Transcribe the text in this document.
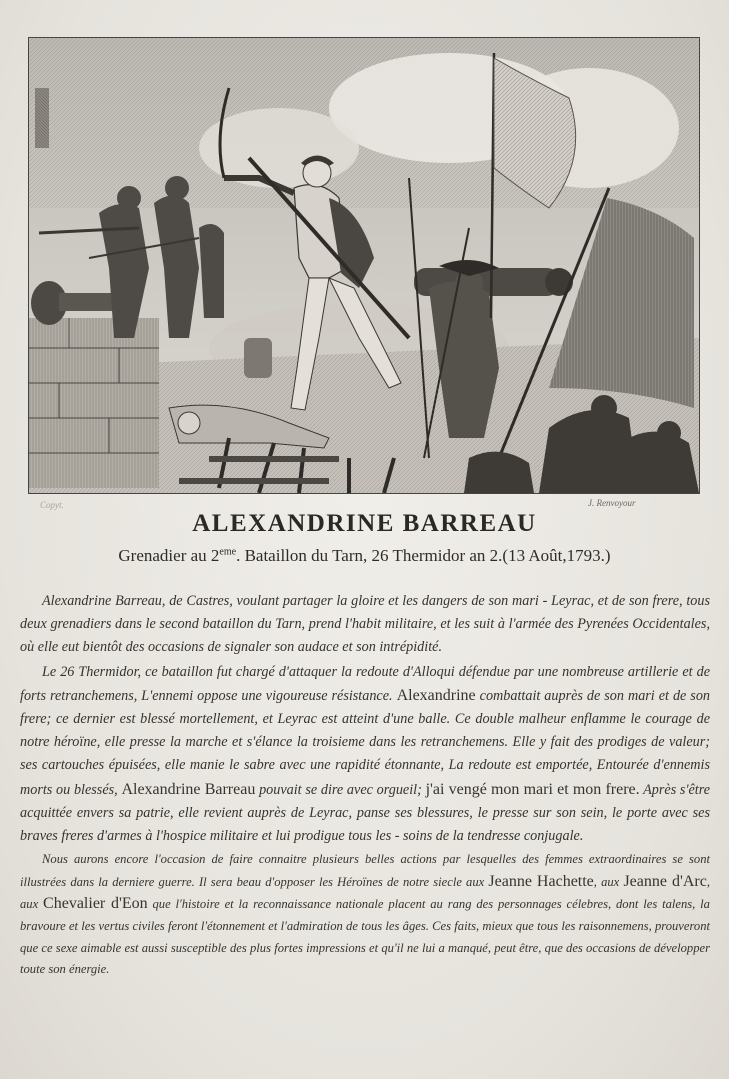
Copyt.	J. Renvoyour
ALEXANDRINE BARREAU
Grenadier au 2eme. Bataillon du Tarn, 26 Thermidor an 2.(13 Août,1793.)

Alexandrine Barreau, de Castres, voulant partager la gloire et les dangers de son mari - Leyrac, et de son frere, tous deux grenadiers dans le second bataillon du Tarn, prend l'habit militaire, et les suit à l'armée des Pyrenées Occidentales, où elle eut bientôt des occasions de signaler son audace et son intrépidité.

Le 26 Thermidor, ce bataillon fut chargé d'attaquer la redoute d'Alloqui défendue par une nombreuse artillerie et de forts retranchemens, L'ennemi oppose une vigoureuse résistance. Alexandrine combattait auprès de son mari et de son frere; ce dernier est blessé mortellement, et Leyrac est atteint d'une balle. Ce double malheur enflamme le courage de notre héroïne, elle presse la marche et s'élance la troisieme dans les retranchemens. Elle y fait des prodiges de valeur; ses cartouches épuisées, elle manie le sabre avec une rapidité étonnante, La redoute est emportée, Entourée d'ennemis morts ou blessés, Alexandrine Barreau pouvait se dire avec orgueil; j'ai vengé mon mari et mon frere. Après s'être acquittée envers sa patrie, elle revient auprès de Leyrac, panse ses blessures, le presse sur son sein, le porte avec ses braves freres d'armes à l'hospice militaire et lui prodigue tous les - soins de la tendresse conjugale.

Nous aurons encore l'occasion de faire connaitre plusieurs belles actions par lesquelles des femmes extraordinaires se sont illustrées dans la derniere guerre. Il sera beau d'opposer les Héroïnes de notre siecle aux Jeanne Hachette, aux Jeanne d'Arc, aux Chevalier d'Eon que l'histoire et la reconnaissance nationale placent au rang des personnages célebres, dont les talens, la bravoure et les vertus civiles feront l'étonnement et l'admiration de tous les âges. Ces faits, mieux que tous les raisonnemens, prouveront que ce sexe aimable est aussi susceptible des plus fortes impressions et qu'il ne lui a manqué, peut être, que des occasions de développer toute son énergie.
